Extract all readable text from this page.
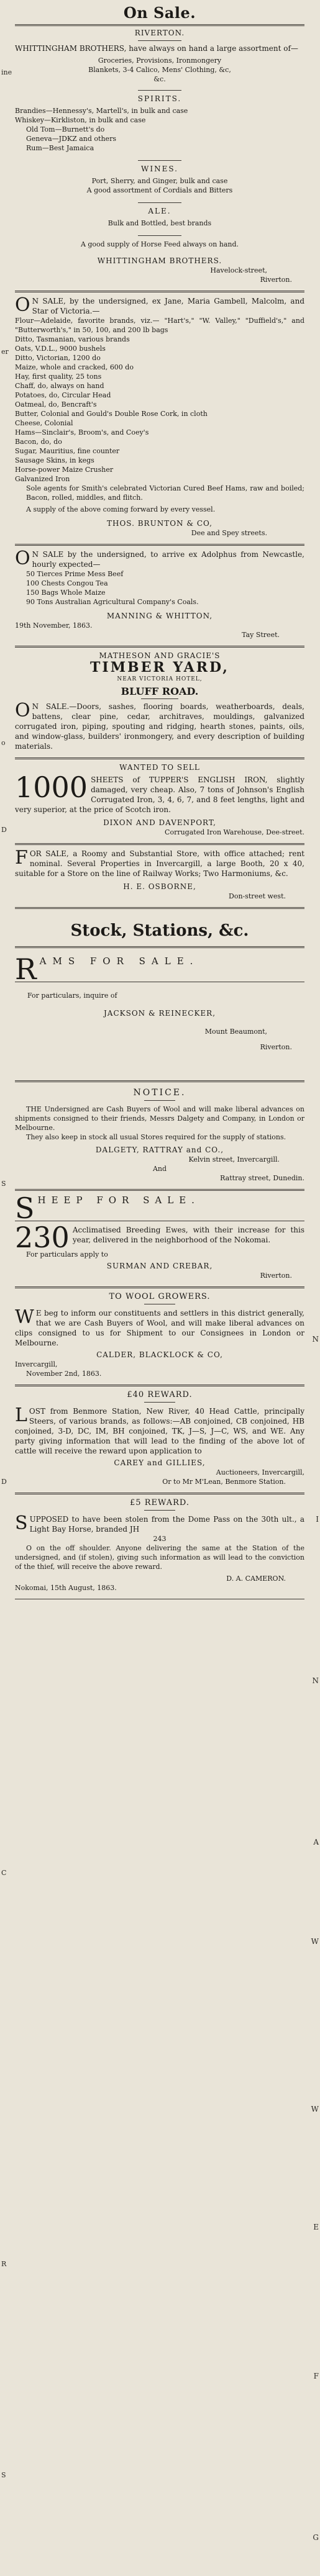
ine
er
o
D
S
D
C
R
S
N
I
N
A
W
W
E
F
G
On Sale.

RIVERTON.

WHITTINGHAM BROTHERS, have always on hand a large assortment of—

Groceries, Provisions, Ironmongery

Blankets, 3-4 Calico, Mens' Clothing, &c,

&c.

SPIRITS.

Brandies—Hennessy's, Martell's, in bulk and case

Whiskey—Kirkliston, in bulk and case

Old Tom—Burnett's do

Geneva—JDKZ and others

Rum—Best Jamaica

WINES.

Port, Sherry, and Ginger, bulk and case

A good assortment of Cordials and Bitters

ALE.

Bulk and Bottled, best brands

A good supply of Horse Feed always on hand.

WHITTINGHAM BROTHERS.

Havelock-street,

Riverton.

O N SALE, by the undersigned, ex Jane, Maria Gambell, Malcolm, and Star of Victoria.—

Flour—Adelaide, favorite brands, viz.— "Hart's," "W. Valley," "Duffield's," and "Butterworth's," in 50, 100, and 200 lb bags

Ditto, Tasmanian, various brands

Oats, V.D.L., 9000 bushels

Ditto, Victorian, 1200 do

Maize, whole and cracked, 600 do

Hay, first quality, 25 tons

Chaff, do, always on hand

Potatoes, do, Circular Head

Oatmeal, do, Bencraft's

Butter, Colonial and Gould's Double Rose Cork, in cloth

Cheese, Colonial

Hams—Sinclair's, Broom's, and Coey's

Bacon, do, do

Sugar, Mauritius, fine counter

Sausage Skins, in kegs

Horse-power Maize Crusher

Galvanized Iron

Sole agents for Smith's celebrated Victorian Cured Beef Hams, raw and boiled; Bacon, rolled, middles, and flitch.

A supply of the above coming forward by every vessel.

THOS. BRUNTON & CO,

Dee and Spey streets.

O N SALE by the undersigned, to arrive ex Adolphus from Newcastle, hourly expected—

50 Tierces Prime Mess Beef

100 Chests Congou Tea

150 Bags Whole Maize

90 Tons Australian Agricultural Company's Coals.

MANNING & WHITTON,

19th November, 1863.

Tay Street.

MATHESON AND GRACIE'S

TIMBER YARD,

NEAR VICTORIA HOTEL,

BLUFF ROAD.

O N SALE.—Doors, sashes, flooring boards, weatherboards, deals, battens, clear pine, cedar, architraves, mouldings, galvanized corrugated iron, piping, spouting and ridging, hearth stones, paints, oils, and window-glass, builders' ironmongery, and every description of building materials.

WANTED TO SELL

1000 SHEETS of TUPPER'S ENGLISH IRON, slightly damaged, very cheap. Also, 7 tons of Johnson's English Corrugated Iron, 3, 4, 6, 7, and 8 feet lengths, light and very superior, at the price of Scotch iron.

DIXON AND DAVENPORT,

Corrugated Iron Warehouse, Dee-street.

FOR SALE, a Roomy and Substantial Store, with office attached; rent nominal. Several Properties in Invercargill, a large Booth, 20 x 40, suitable for a Store on the line of Railway Works; Two Harmoniums, &c.

H. E. OSBORNE,

Don-street west.

Stock, Stations, &c.

RAMS FOR SALE.

For particulars, inquire of

JACKSON & REINECKER,

Mount Beaumont,

Riverton.

NOTICE.

THE Undersigned are Cash Buyers of Wool and will make liberal advances on shipments consigned to their friends, Messrs Dalgety and Company, in London or Melbourne.

They also keep in stock all usual Stores required for the supply of stations.

DALGETY, RATTRAY and CO.,

Kelvin street, Invercargill.

And

Rattray street, Dunedin.

SHEEP FOR SALE.

230 Acclimatised Breeding Ewes, with their increase for this year, delivered in the neighborhood of the Nokomai.

For particulars apply to

SURMAN AND CREBAR,

Riverton.

TO WOOL GROWERS.

W E beg to inform our constituents and settlers in this district generally, that we are Cash Buyers of Wool, and will make liberal advances on clips consigned to us for Shipment to our Consignees in London or Melbourne.

CALDER, BLACKLOCK & CO,

Invercargill,

November 2nd, 1863.

£40 REWARD.

LOST from Benmore Station, New River, 40 Head Cattle, principally Steers, of various brands, as follows:—AB conjoined, CB conjoined, HB conjoined, 3-D, DC, IM, BH conjoined, TK, J—S, J—C, WS, and WE. Any party giving information that will lead to the finding of the above lot of cattle will receive the reward upon application to

CAREY and GILLIES,

Auctioneers, Invercargill,

Or to Mr M'Lean, Benmore Station.

£5 REWARD.

SUPPOSED to have been stolen from the Dome Pass on the 30th ult., a Light Bay Horse, branded JH

243

O on the off shoulder. Anyone delivering the same at the Station of the undersigned, and (if stolen), giving such information as will lead to the conviction of the thief, will receive the above reward.

D. A. CAMERON.

Nokomai, 15th August, 1863.
